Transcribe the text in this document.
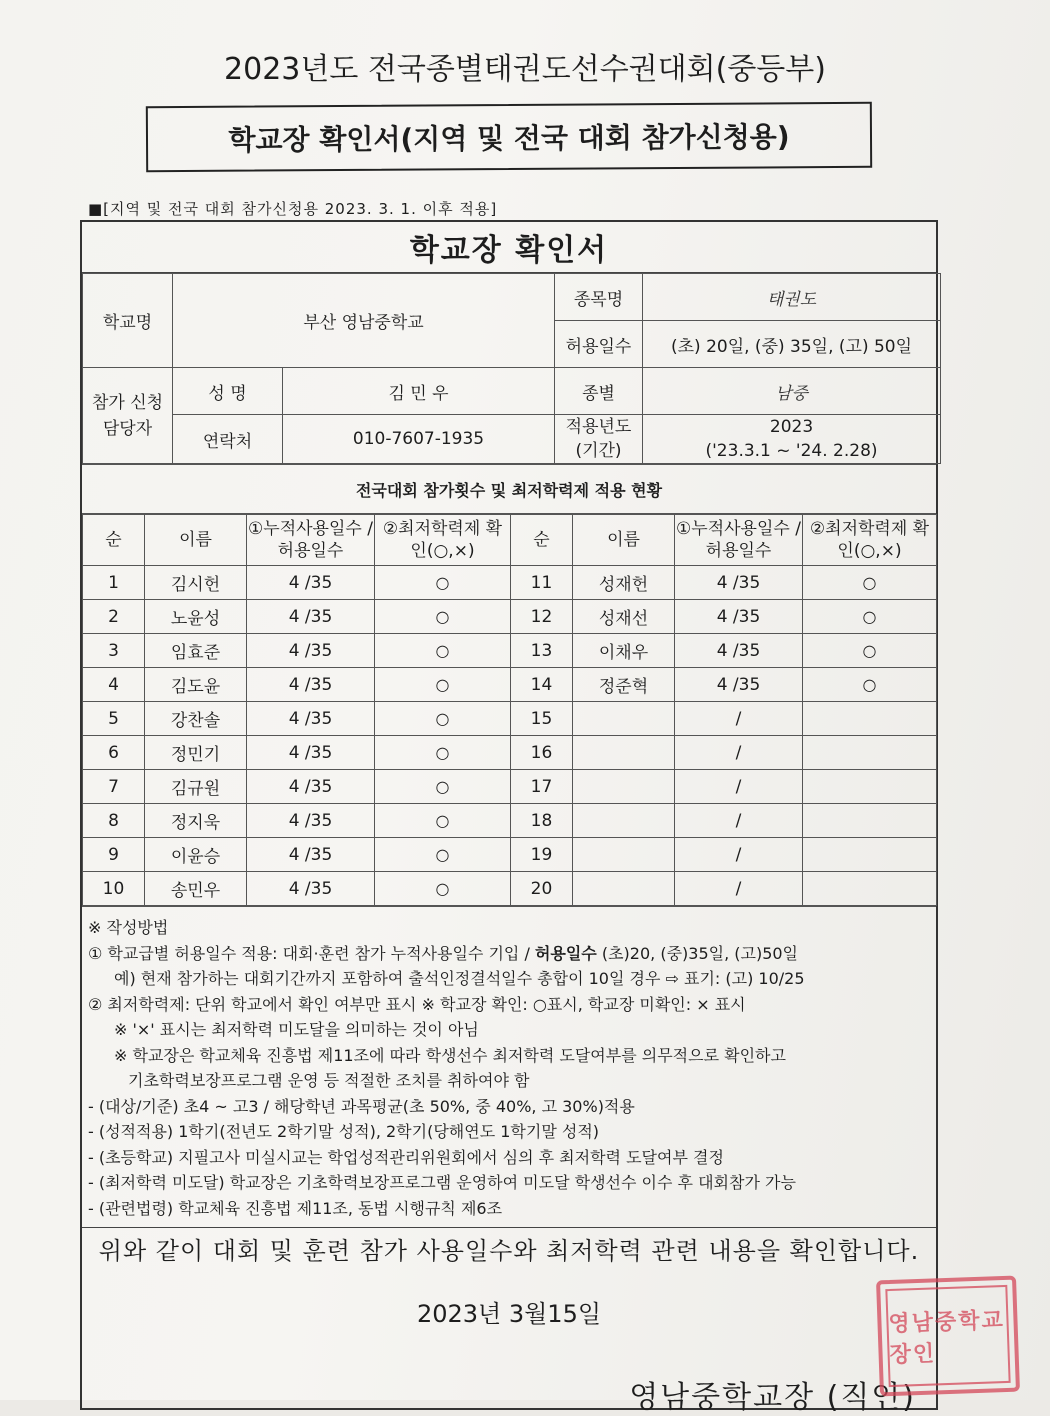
2023년도 전국종별태권도선수권대회(중등부)
학교장 확인서(지역 및 전국 대회 참가신청용)
■[지역 및 전국 대회 참가신청용 2023. 3. 1. 이후 적용]
학교장 확인서
학교명	부산 영남중학교		종목명	태권도
			허용일수	(초) 20일, (중) 35일, (고) 50일
참가 신청 담당자	성 명	김 민 우	종별	남중
	연락처	010-7607-1935	적용년도 (기간)	2023
('23.3.1 ~ '24. 2.28)
전국대회 참가횟수 및 최저학력제 적용 현황
순	이름	①누적사용일수 /허용일수	②최저학력제 확인(○,×)	순	이름	①누적사용일수 /허용일수	②최저학력제 확인(○,×)
1	김시헌	4 /35	○	11	성재헌	4 /35	○
2	노윤성	4 /35	○	12	성재선	4 /35	○
3	임효준	4 /35	○	13	이채우	4 /35	○
4	김도윤	4 /35	○	14	정준혁	4 /35	○
5	강찬솔	4 /35	○	15		/	
6	정민기	4 /35	○	16		/	
7	김규원	4 /35	○	17		/	
8	정지욱	4 /35	○	18		/	
9	이윤승	4 /35	○	19		/	
10	송민우	4 /35	○	20		/	
※ 작성방법
① 학교급별 허용일수 적용: 대회·훈련 참가 누적사용일수 기입 / 허용일수 (초)20, (중)35일, (고)50일
예) 현재 참가하는 대회기간까지 포함하여 출석인정결석일수 총합이 10일 경우 ⇨ 표기: (고) 10/25
② 최저학력제: 단위 학교에서 확인 여부만 표시 ※ 학교장 확인: ○표시, 학교장 미확인: × 표시
※ '×' 표시는 최저학력 미도달을 의미하는 것이 아님
※ 학교장은 학교체육 진흥법 제11조에 따라 학생선수 최저학력 도달여부를 의무적으로 확인하고
기초학력보장프로그램 운영 등 적절한 조치를 취하여야 함
- (대상/기준) 초4 ~ 고3 / 해당학년 과목평균(초 50%, 중 40%, 고 30%)적용
- (성적적용) 1학기(전년도 2학기말 성적), 2학기(당해연도 1학기말 성적)
- (초등학교) 지필고사 미실시교는 학업성적관리위원회에서 심의 후 최저학력 도달여부 결정
- (최저학력 미도달) 학교장은 기초학력보장프로그램 운영하여 미도달 학생선수 이수 후 대회참가 가능
- (관련법령) 학교체육 진흥법 제11조, 동법 시행규칙 제6조
위와 같이 대회 및 훈련 참가 사용일수와 최저학력 관련 내용을 확인합니다.
2023년 3월15일
영남중학교장 (직인)
영남중학교장인
